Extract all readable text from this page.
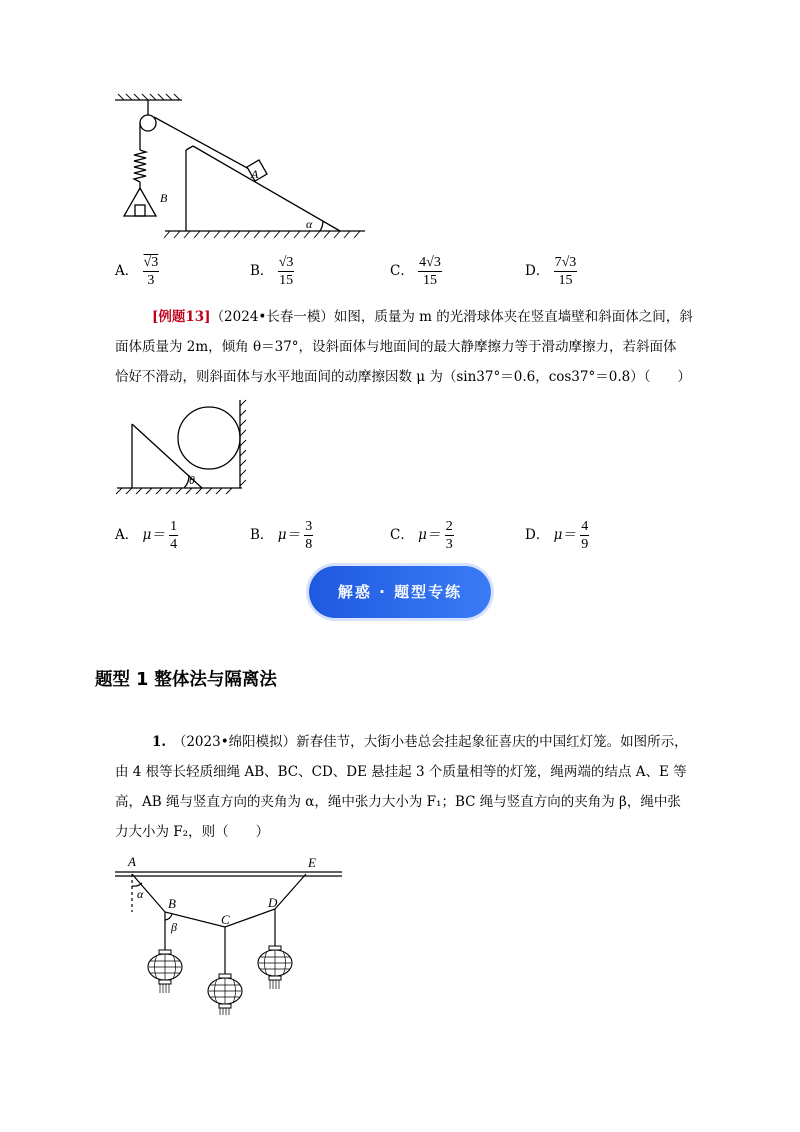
A
B
α
A． $\frac{√3}{3}$	B． $\frac{√3}{15}$	C． $\frac{4√3}{15}$	D． $\frac{7√3}{15}$
[例题13]（2024•长春一模）如图，质量为 m 的光滑球体夹在竖直墙壁和斜面体之间，斜
面体质量为 2m，倾角 θ＝37°，设斜面体与地面间的最大静摩擦力等于滑动摩擦力，若斜面体
恰好不滑动，则斜面体与水平地面间的动摩擦因数 μ 为（sin37°＝0.6，cos37°＝0.8）（　　）
θ
A． $\mu= \frac{1}{4}$	B． $\mu= \frac{3}{8}$	C． $\mu= \frac{2}{3}$	D． $\mu= \frac{4}{9}$
解惑 · 题型专练
题型 1 整体法与隔离法
1.　 （2023•绵阳模拟）新春佳节，大街小巷总会挂起象征喜庆的中国红灯笼。如图所示，
由 4 根等长轻质细绳 AB、BC、CD、DE 悬挂起 3 个质量相等的灯笼，绳两端的结点 A、E 等
高，AB 绳与竖直方向的夹角为 α，绳中张力大小为 F₁；BC 绳与竖直方向的夹角为 β，绳中张
力大小为 F₂，则（　　）
A	E
B
C
D
α
β
